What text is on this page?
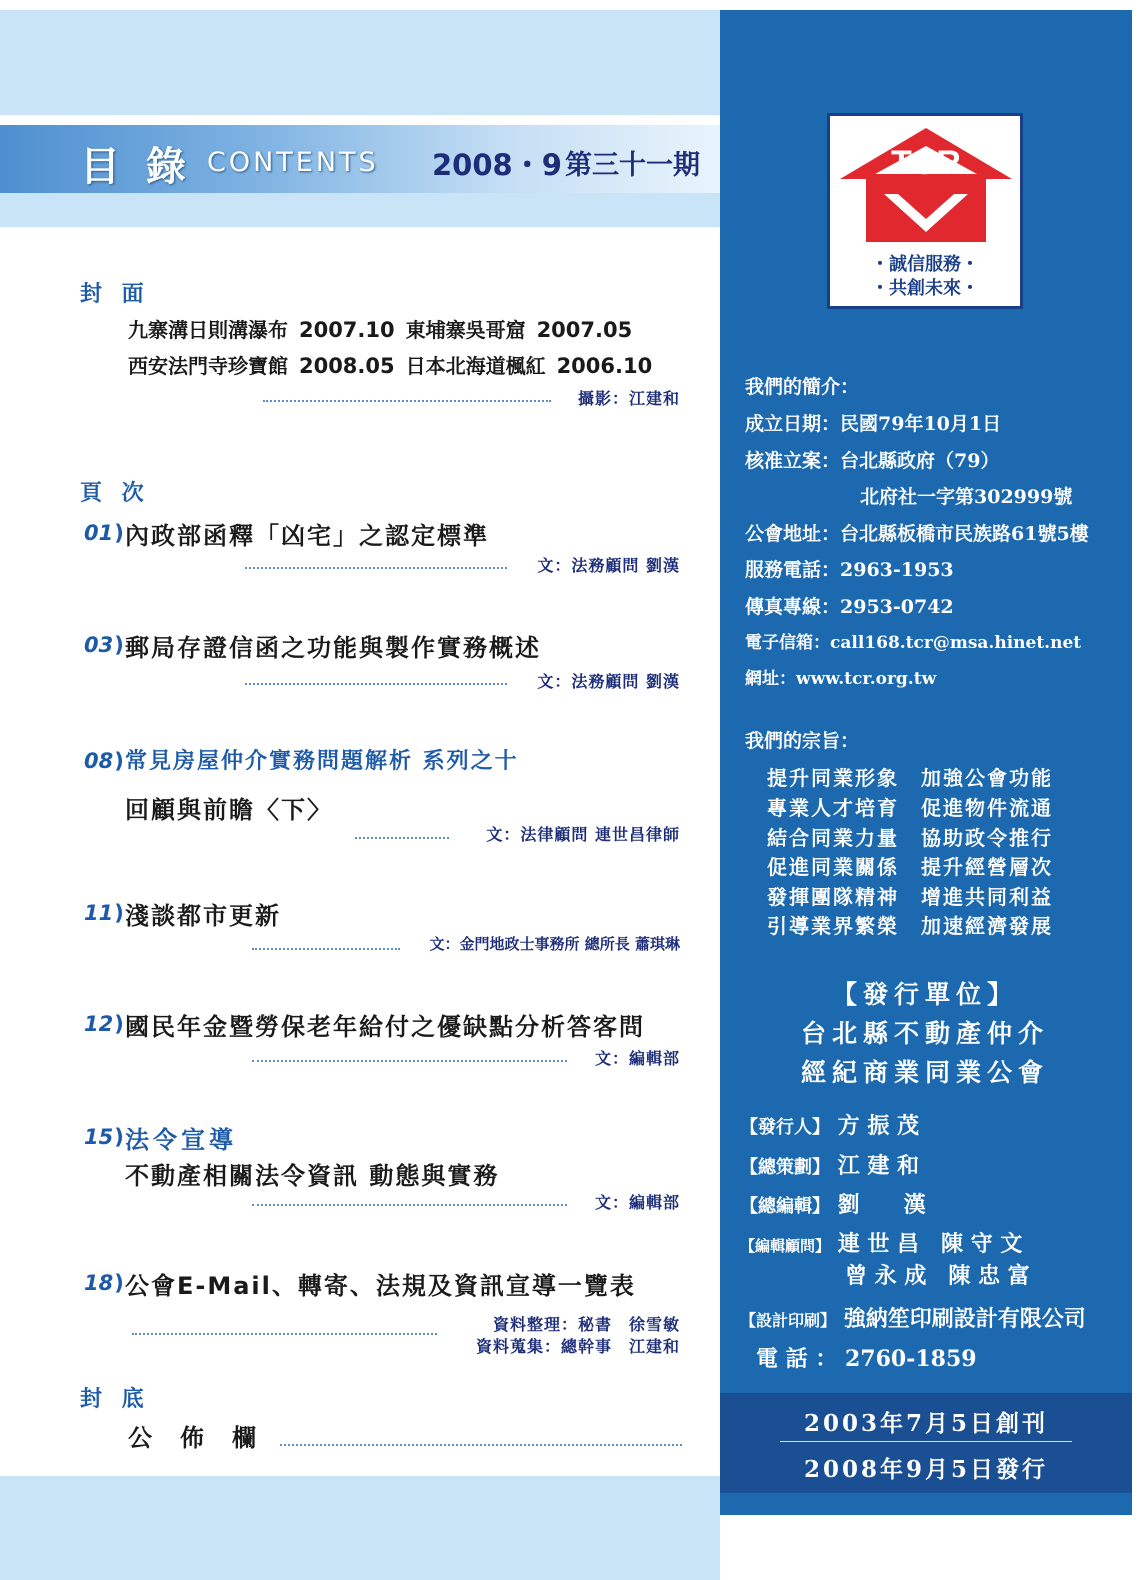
目 錄 CONTENTS 2008・9 第三十一期
封 面
九寨溝日則溝瀑布 2007.10 東埔寨吳哥窟 2007.05
西安法門寺珍寶館 2008.05 日本北海道楓紅 2006.10
攝影：江建和
頁 次
01 ) 內政部函釋「凶宅」之認定標準
文：法務顧問 劉漢
03 ) 郵局存證信函之功能與製作實務概述
文：法務顧問 劉漢
08 ) 常見房屋仲介實務問題解析 系列之十
回顧與前瞻〈下〉
文：法律顧問 連世昌律師
11 ) 淺談都市更新
文：金門地政士事務所 總所長 蕭琪琳
12 ) 國民年金暨勞保老年給付之優缺點分析答客問
文：編輯部
15 ) 法令宣導
不動產相關法令資訊 動態與實務
文：編輯部
18 ) 公會E-Mail、轉寄、法規及資訊宣導一覽表
資料整理：秘書　徐雪敏
資料蒐集：總幹事　江建和
封 底
公　佈　欄
TCR
・誠信服務・
・共創未來・
我們的簡介：
成立日期：民國79年10月1日
核准立案：台北縣政府（79）
北府社一字第302999號
公會地址：台北縣板橋市民族路61號5樓
服務電話：2963-1953
傳真專線：2953-0742
電子信箱：call168.tcr@msa.hinet.net
網址：www.tcr.org.tw
我們的宗旨：
提升同業形象　加強公會功能
專業人才培育　促進物件流通
結合同業力量　協助政令推行
促進同業關係　提升經營層次
發揮團隊精神　增進共同利益
引導業界繁榮　加速經濟發展
【發行單位】
台北縣不動產仲介
經紀商業同業公會
【發行人】 方 振 茂
【總策劃】 江 建 和
【總編輯】 劉　　漢
【編輯顧問】 連 世 昌　陳 守 文
曾 永 成　陳 忠 富
【設計印刷】 強納笙印刷設計有限公司
電 話 ： 2760-1859
2003年7月5日創刊
2008年9月5日發行
